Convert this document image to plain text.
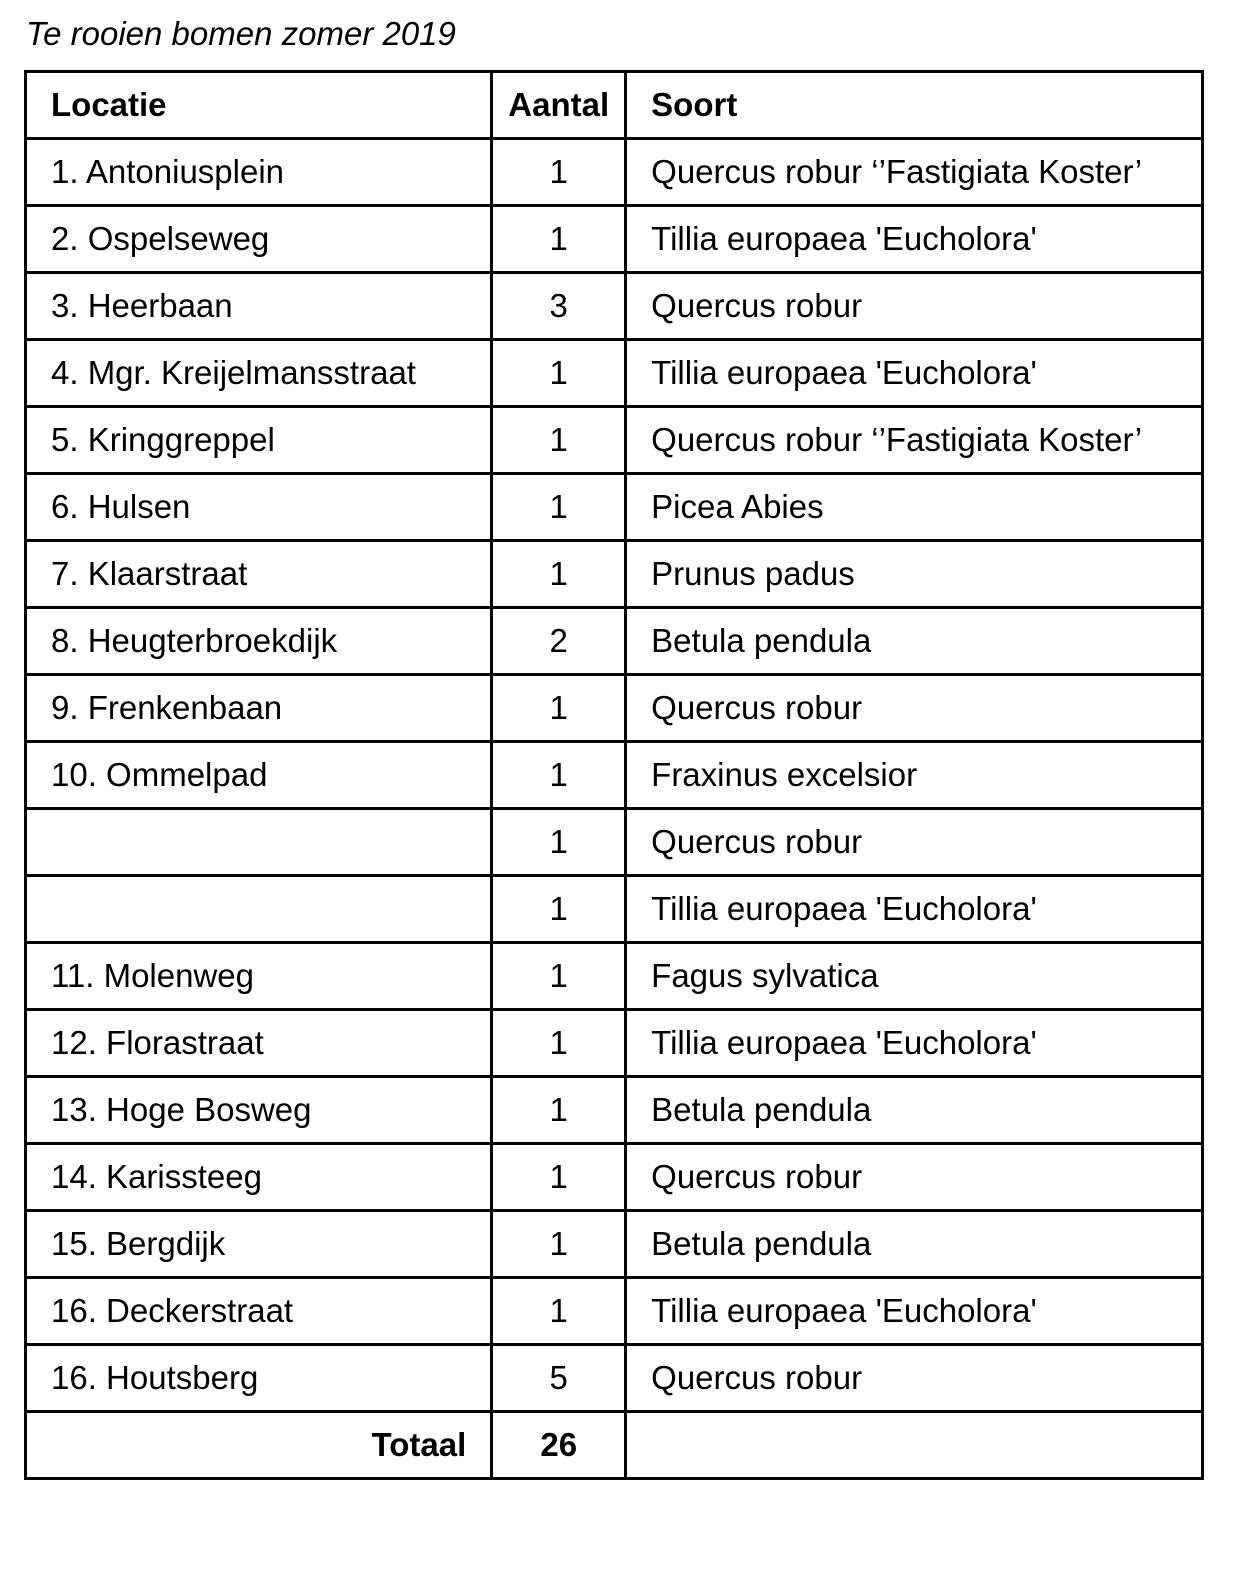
Te rooien bomen zomer 2019
Locatie	Aantal	Soort
1. Antoniusplein	1	Quercus robur ‘’Fastigiata Koster’
2. Ospelseweg	1	Tillia europaea 'Eucholora'
3. Heerbaan	3	Quercus robur
4. Mgr. Kreijelmansstraat	1	Tillia europaea 'Eucholora'
5. Kringgreppel	1	Quercus robur ‘’Fastigiata Koster’
6. Hulsen	1	Picea Abies
7. Klaarstraat	1	Prunus padus
8. Heugterbroekdijk	2	Betula pendula
9. Frenkenbaan	1	Quercus robur
10. Ommelpad	1	Fraxinus excelsior
	1	Quercus robur
	1	Tillia europaea 'Eucholora'
11. Molenweg	1	Fagus sylvatica
12. Florastraat	1	Tillia europaea 'Eucholora'
13. Hoge Bosweg	1	Betula pendula
14. Karissteeg	1	Quercus robur
15. Bergdijk	1	Betula pendula
16. Deckerstraat	1	Tillia europaea 'Eucholora'
16. Houtsberg	5	Quercus robur
Totaal	26	
